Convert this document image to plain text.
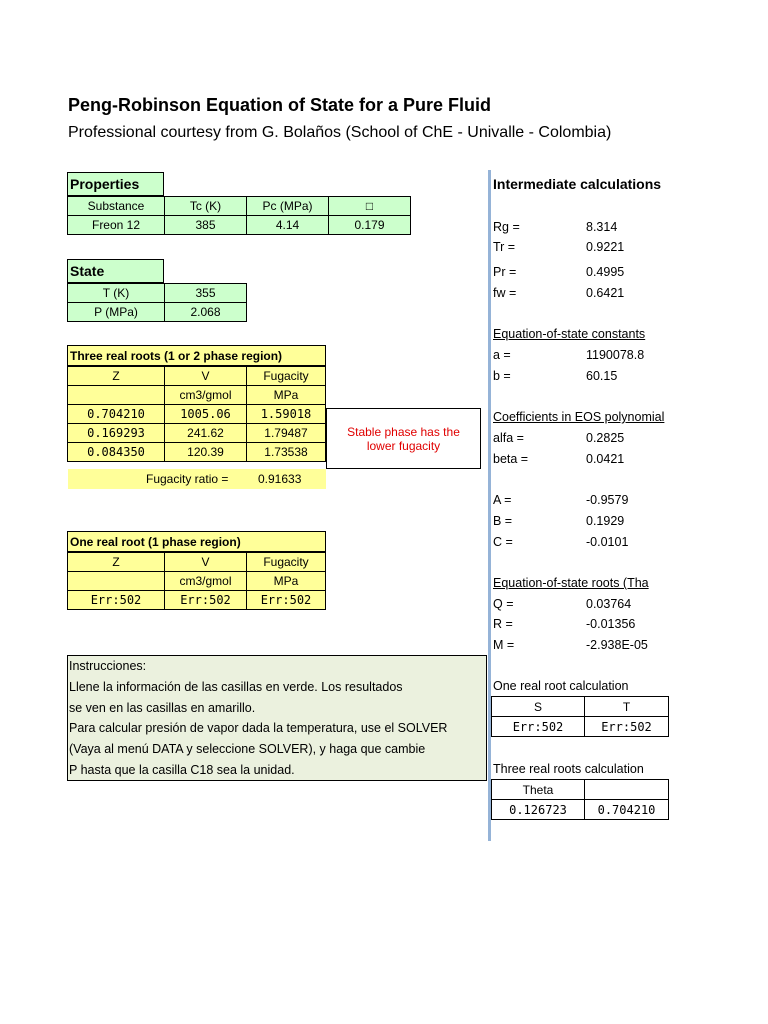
Peng-Robinson Equation of State for a Pure Fluid
Professional courtesy from G. Bolaños (School of ChE - Univalle - Colombia)
Properties
Substance	Tc (K)	Pc (MPa)	□
Freon 12	385	4.14	0.179
State
T (K)	355
P (MPa)	2.068
Three real roots (1 or 2 phase region)
Z	V	Fugacity
	cm3/gmol	MPa
0.704210	1005.06	1.59018
0.169293	241.62	1.79487
0.084350	120.39	1.73538
Fugacity ratio = 0.91633
Stable phase has the
lower fugacity
One real root (1 phase region)
Z	V	Fugacity
	cm3/gmol	MPa
Err:502	Err:502	Err:502
Instrucciones:
Llene la información de las casillas en verde. Los resultados
se ven en las casillas en amarillo.
Para calcular presión de vapor dada la temperatura, use el SOLVER
(Vaya al menú DATA y seleccione SOLVER), y haga que cambie
P hasta que la casilla C18 sea la unidad.
Intermediate calculations
Rg =	8.314
Tr =	0.9221
Pr =	0.4995
fw =	0.6421
Equation-of-state constants
a =	1190078.8
b =	60.15
Coefficients in EOS polynomial
alfa =	0.2825
beta =	0.0421
A =	-0.9579
B =	0.1929
C =	-0.0101
Equation-of-state roots (Tha
Q =	0.03764
R =	-0.01356
M =	-2.938E-05
One real root calculation
S	T
Err:502	Err:502
Three real roots calculation
Theta	
0.126723	0.704210
